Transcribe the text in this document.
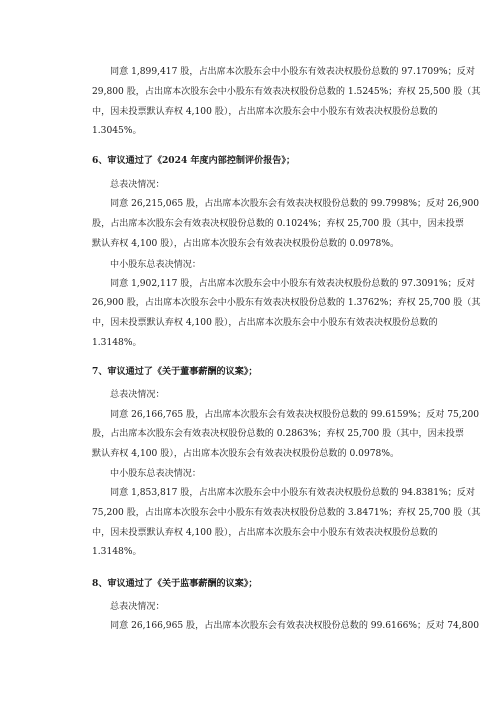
同意 1,899,417 股，占出席本次股东会中小股东有效表决权股份总数的 97.1709%；反对

29,800 股，占出席本次股东会中小股东有效表决权股份总数的 1.5245%；弃权 25,500 股（其

中，因未投票默认弃权 4,100 股），占出席本次股东会中小股东有效表决权股份总数的

1.3045%。

6、审议通过了《2024 年度内部控制评价报告》；

总表决情况：

同意 26,215,065 股，占出席本次股东会有效表决权股份总数的 99.7998%；反对 26,900

股，占出席本次股东会有效表决权股份总数的 0.1024%；弃权 25,700 股（其中，因未投票

默认弃权 4,100 股），占出席本次股东会有效表决权股份总数的 0.0978%。

中小股东总表决情况：

同意 1,902,117 股，占出席本次股东会中小股东有效表决权股份总数的 97.3091%；反对

26,900 股，占出席本次股东会中小股东有效表决权股份总数的 1.3762%；弃权 25,700 股（其

中，因未投票默认弃权 4,100 股），占出席本次股东会中小股东有效表决权股份总数的

1.3148%。

7、审议通过了《关于董事薪酬的议案》；

总表决情况：

同意 26,166,765 股，占出席本次股东会有效表决权股份总数的 99.6159%；反对 75,200

股，占出席本次股东会有效表决权股份总数的 0.2863%；弃权 25,700 股（其中，因未投票

默认弃权 4,100 股），占出席本次股东会有效表决权股份总数的 0.0978%。

中小股东总表决情况：

同意 1,853,817 股，占出席本次股东会中小股东有效表决权股份总数的 94.8381%；反对

75,200 股，占出席本次股东会中小股东有效表决权股份总数的 3.8471%；弃权 25,700 股（其

中，因未投票默认弃权 4,100 股），占出席本次股东会中小股东有效表决权股份总数的

1.3148%。

8、审议通过了《关于监事薪酬的议案》；

总表决情况：

同意 26,166,965 股，占出席本次股东会有效表决权股份总数的 99.6166%；反对 74,800
